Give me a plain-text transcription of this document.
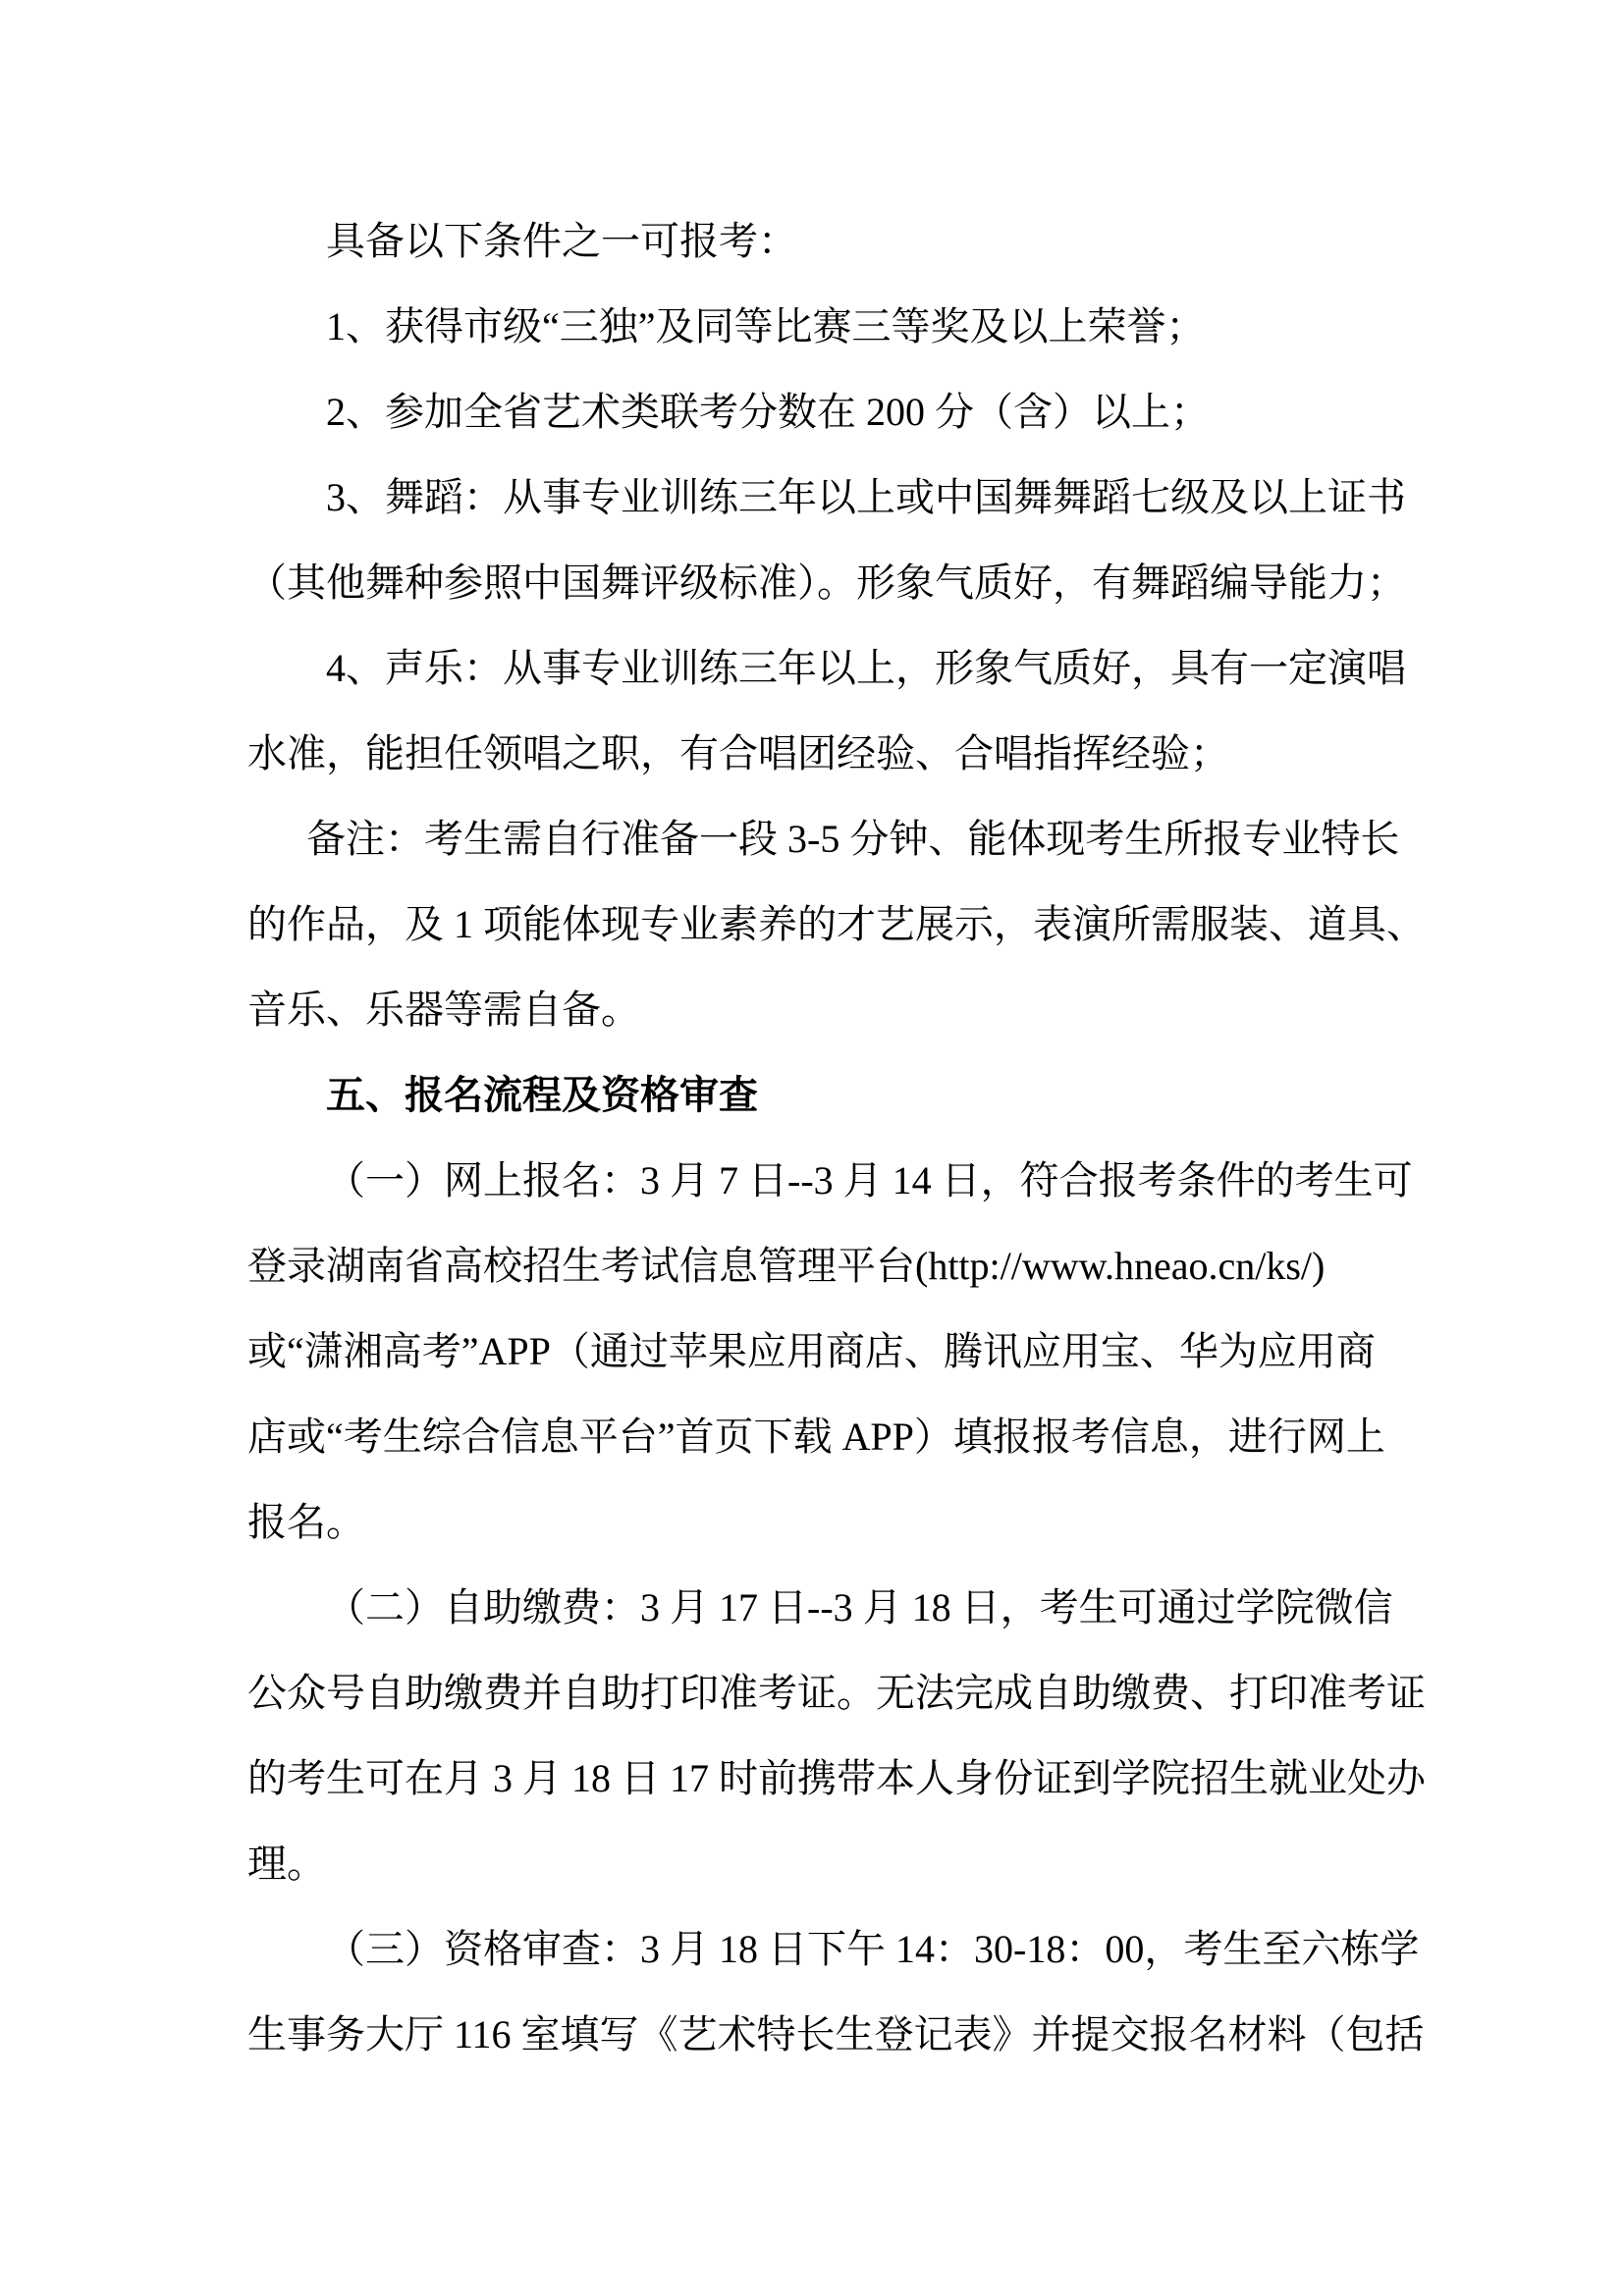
具备以下条件之一可报考：
1、获得市级“三独”及同等比赛三等奖及以上荣誉；
2、参加全省艺术类联考分数在 200 分（含）以上；
3、舞蹈：从事专业训练三年以上或中国舞舞蹈七级及以上证书
（其他舞种参照中国舞评级标准）。形象气质好，有舞蹈编导能力；
4、声乐：从事专业训练三年以上，形象气质好，具有一定演唱
水准，能担任领唱之职，有合唱团经验、合唱指挥经验；
备注：考生需自行准备一段 3-5 分钟、能体现考生所报专业特长
的作品，及 1 项能体现专业素养的才艺展示，表演所需服装、道具、
音乐、乐器等需自备。
五、报名流程及资格审查
（一）网上报名：3 月 7 日--3 月 14 日，符合报考条件的考生可
登录湖南省高校招生考试信息管理平台(http://www.hneao.cn/ks/)
或“潇湘高考”APP（通过苹果应用商店、腾讯应用宝、华为应用商
店或“考生综合信息平台”首页下载 APP）填报报考信息，进行网上
报名。
（二）自助缴费：3 月 17 日--3 月 18 日，考生可通过学院微信
公众号自助缴费并自助打印准考证。无法完成自助缴费、打印准考证
的考生可在月 3 月 18 日 17 时前携带本人身份证到学院招生就业处办
理。
（三）资格审查：3 月 18 日下午 14：30-18：00，考生至六栋学
生事务大厅 116 室填写《艺术特长生登记表》并提交报名材料（包括
